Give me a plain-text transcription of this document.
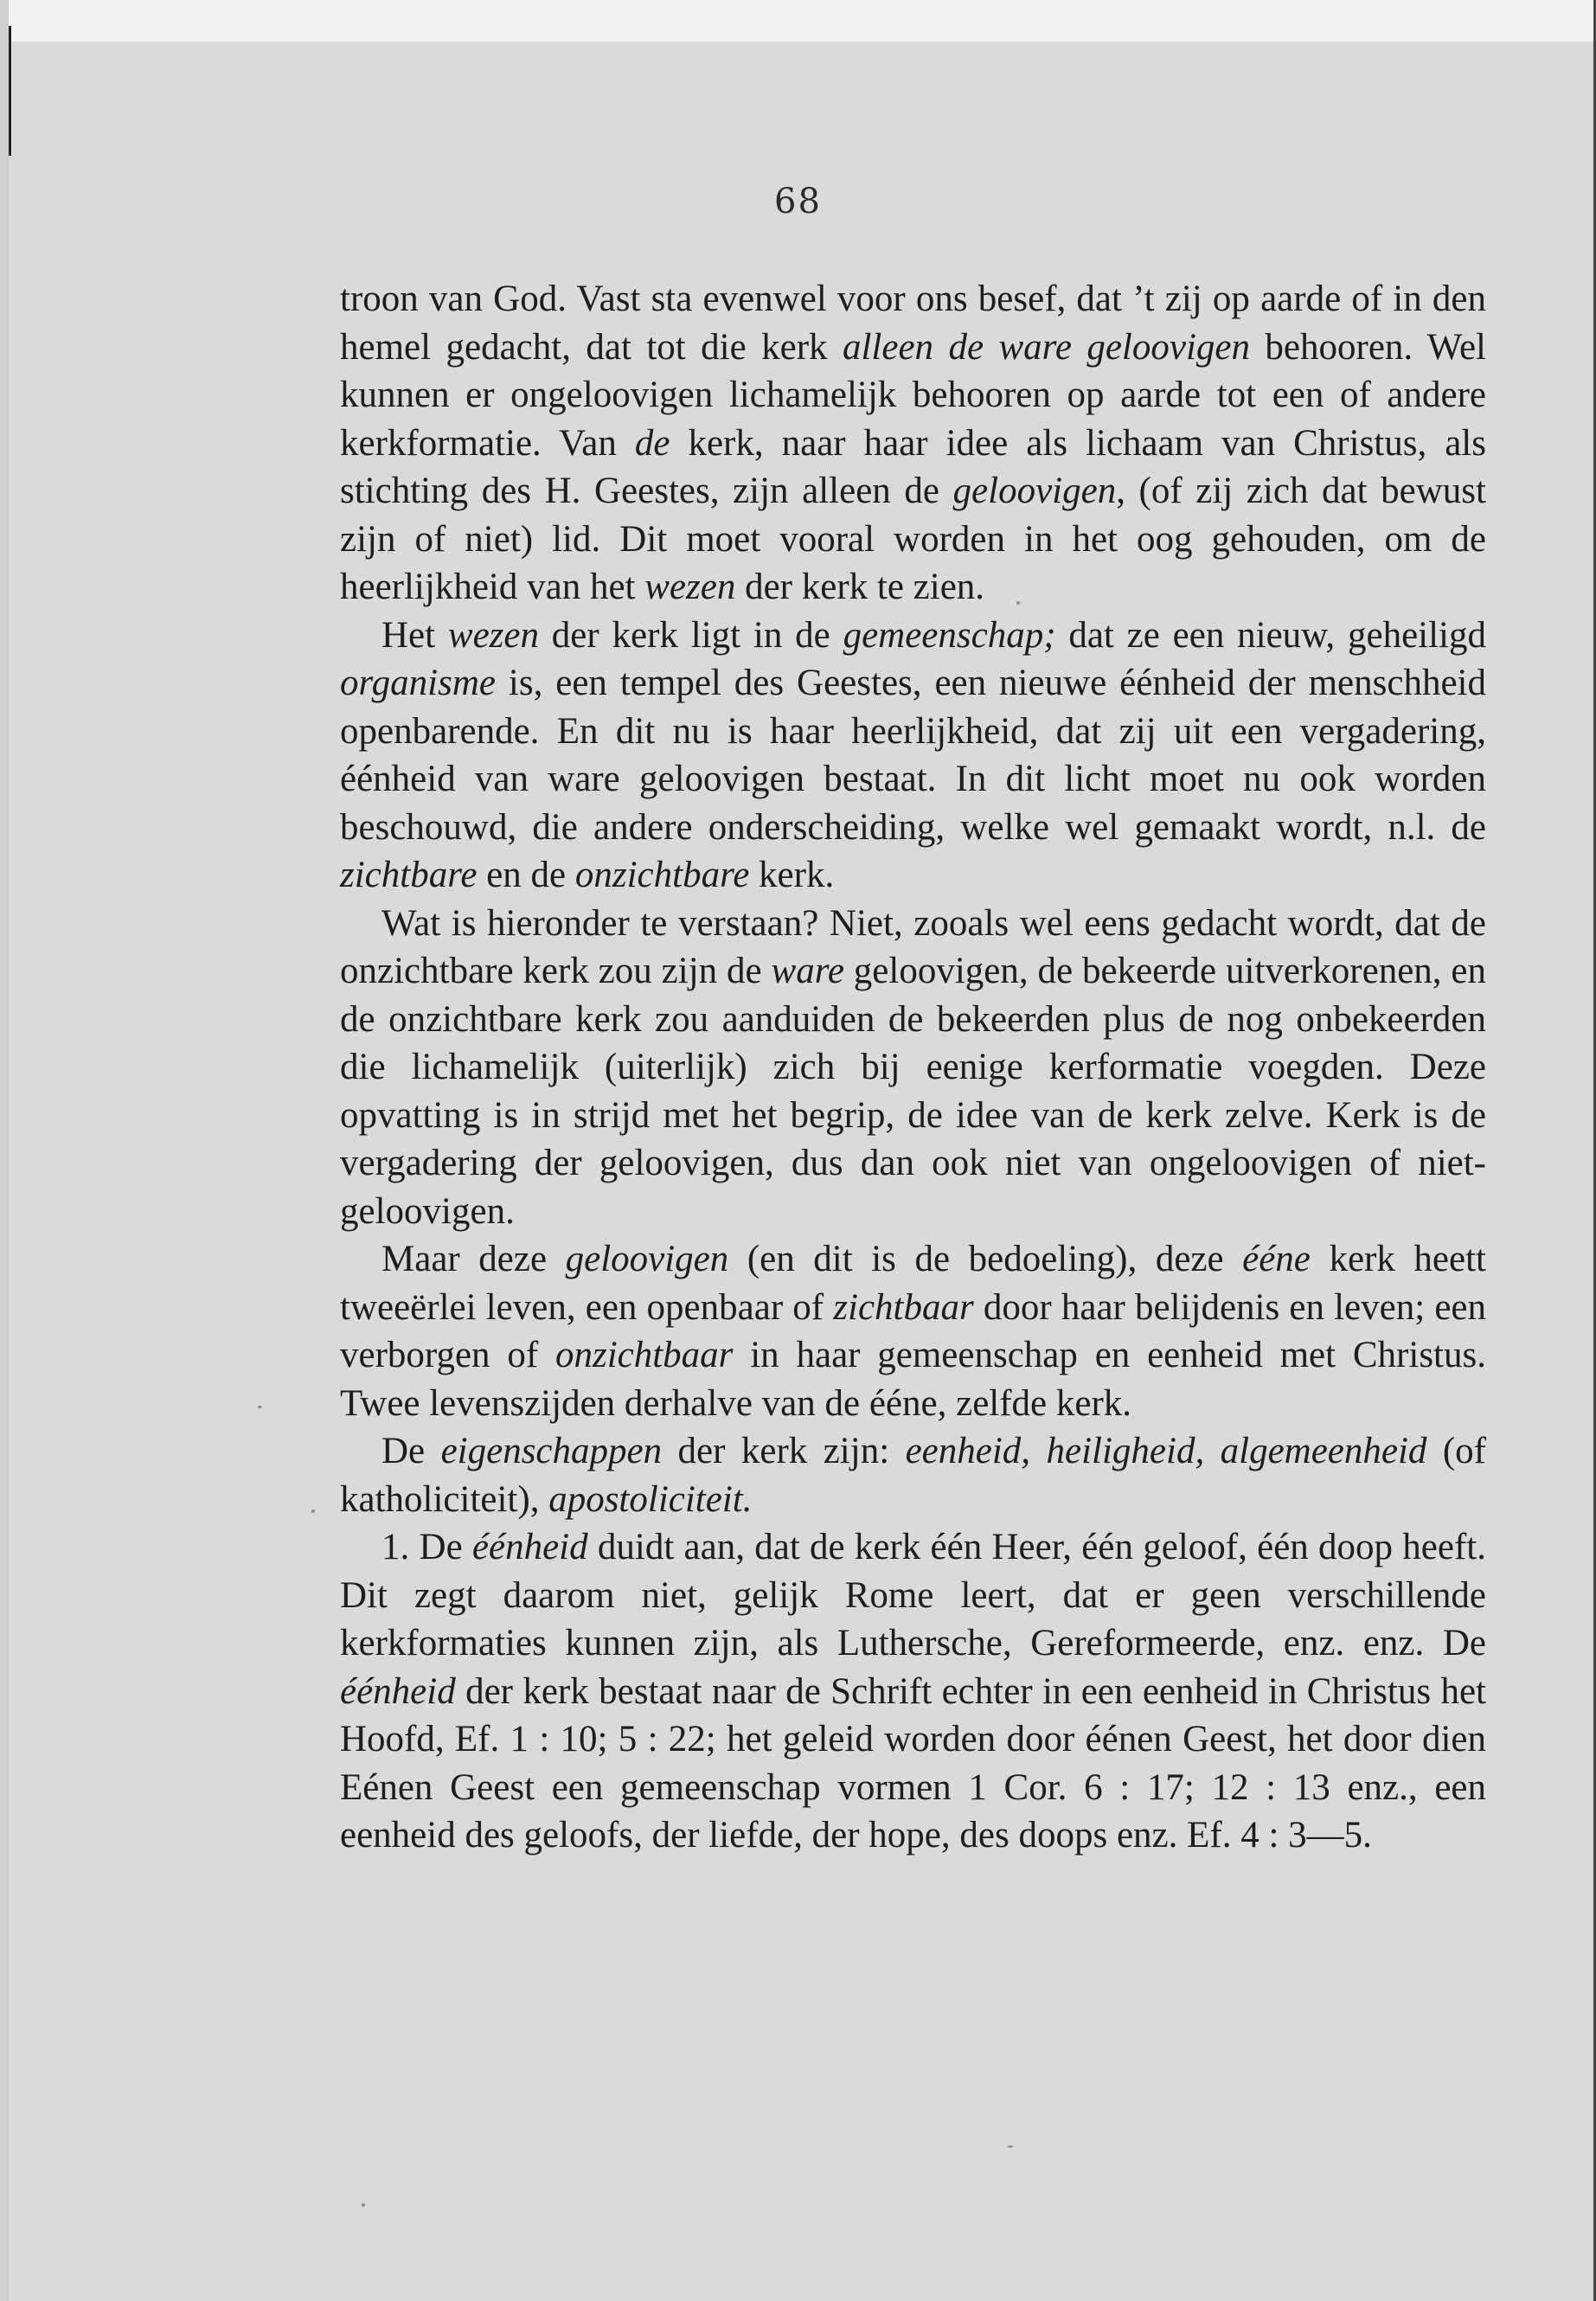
68

troon van God. Vast sta evenwel voor ons besef, dat ’t zij op aarde of in den hemel gedacht, dat tot die kerk alleen de ware geloovigen behooren. Wel kunnen er ongeloovigen lichamelijk behooren op aarde tot een of andere kerkformatie. Van de kerk, naar haar idee als lichaam van Christus, als stichting des H. Geestes, zijn alleen de geloovigen, (of zij zich dat bewust zijn of niet) lid. Dit moet vooral worden in het oog gehouden, om de heerlijkheid van het wezen der kerk te zien.

Het wezen der kerk ligt in de gemeenschap; dat ze een nieuw, geheiligd organisme is, een tempel des Geestes, een nieuwe éénheid der menschheid openbarende. En dit nu is haar heerlijkheid, dat zij uit een vergadering, éénheid van ware geloovigen bestaat. In dit licht moet nu ook worden beschouwd, die andere onderscheiding, welke wel gemaakt wordt, n.l. de zichtbare en de onzichtbare kerk.

Wat is hieronder te verstaan? Niet, zooals wel eens gedacht wordt, dat de onzichtbare kerk zou zijn de ware geloovigen, de bekeerde uitverkorenen, en de onzichtbare kerk zou aanduiden de bekeerden plus de nog onbekeerden die lichamelijk (uiterlijk) zich bij eenige kerformatie voegden. Deze opvatting is in strijd met het begrip, de idee van de kerk zelve. Kerk is de vergadering der geloovigen, dus dan ook niet van ongeloovigen of niet-geloovigen.

Maar deze geloovigen (en dit is de bedoeling), deze ééne kerk heett tweeërlei leven, een openbaar of zichtbaar door haar belijdenis en leven; een verborgen of onzichtbaar in haar gemeenschap en eenheid met Christus. Twee levenszijden derhalve van de ééne, zelfde kerk.

De eigenschappen der kerk zijn: eenheid, heiligheid, algemeenheid (of katholiciteit), apostoliciteit.

1. De éénheid duidt aan, dat de kerk één Heer, één geloof, één doop heeft. Dit zegt daarom niet, gelijk Rome leert, dat er geen verschillende kerkformaties kunnen zijn, als Luthersche, Gereformeerde, enz. enz. De éénheid der kerk bestaat naar de Schrift echter in een eenheid in Christus het Hoofd, Ef. 1 : 10; 5 : 22; het geleid worden door éénen Geest, het door dien Eénen Geest een gemeenschap vormen 1 Cor. 6 : 17; 12 : 13 enz., een eenheid des geloofs, der liefde, der hope, des doops enz. Ef. 4 : 3—5.
